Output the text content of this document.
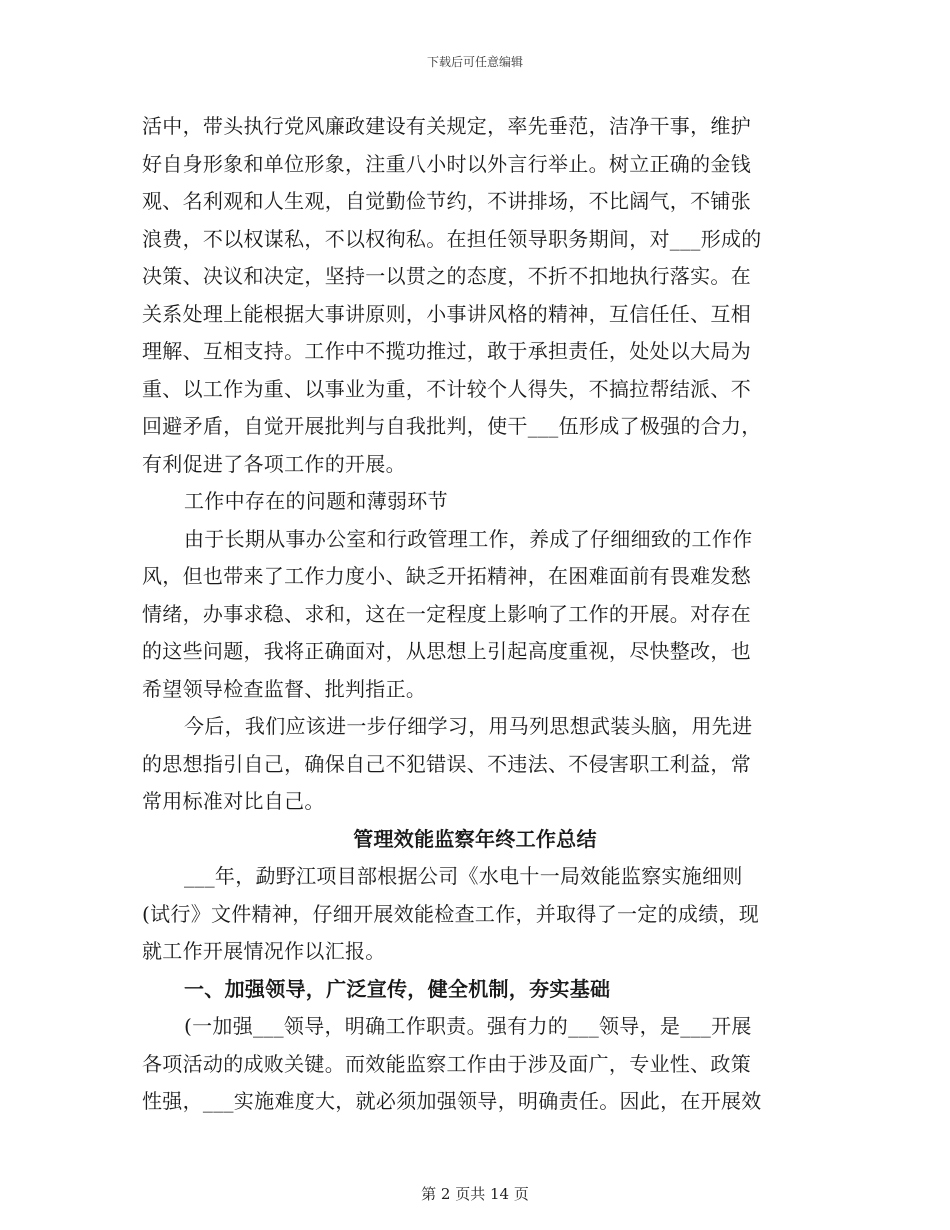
下载后可任意编辑
活中，带头执行党风廉政建设有关规定，率先垂范，洁净干事，维护
好自身形象和单位形象，注重八小时以外言行举止。树立正确的金钱
观、名利观和人生观，自觉勤俭节约，不讲排场，不比阔气，不铺张
浪费，不以权谋私，不以权徇私。在担任领导职务期间，对___形成的
决策、决议和决定，坚持一以贯之的态度，不折不扣地执行落实。在
关系处理上能根据大事讲原则，小事讲风格的精神，互信任任、互相
理解、互相支持。工作中不揽功推过，敢于承担责任，处处以大局为
重、以工作为重、以事业为重，不计较个人得失，不搞拉帮结派、不
回避矛盾，自觉开展批判与自我批判，使干___伍形成了极强的合力，
有利促进了各项工作的开展。
工作中存在的问题和薄弱环节
由于长期从事办公室和行政管理工作，养成了仔细细致的工作作
风，但也带来了工作力度小、缺乏开拓精神，在困难面前有畏难发愁
情绪，办事求稳、求和，这在一定程度上影响了工作的开展。对存在
的这些问题，我将正确面对，从思想上引起高度重视，尽快整改，也
希望领导检查监督、批判指正。
今后，我们应该进一步仔细学习，用马列思想武装头脑，用先进
的思想指引自己，确保自己不犯错误、不违法、不侵害职工利益，常
常用标准对比自己。
管理效能监察年终工作总结
___年，勐野江项目部根据公司《水电十一局效能监察实施细则
(试行》文件精神，仔细开展效能检查工作，并取得了一定的成绩，现
就工作开展情况作以汇报。
一、加强领导，广泛宣传，健全机制，夯实基础
(一加强___领导，明确工作职责。强有力的___领导，是___开展
各项活动的成败关键。而效能监察工作由于涉及面广，专业性、政策
性强，___实施难度大，就必须加强领导，明确责任。因此，在开展效
第 2 页共 14 页
